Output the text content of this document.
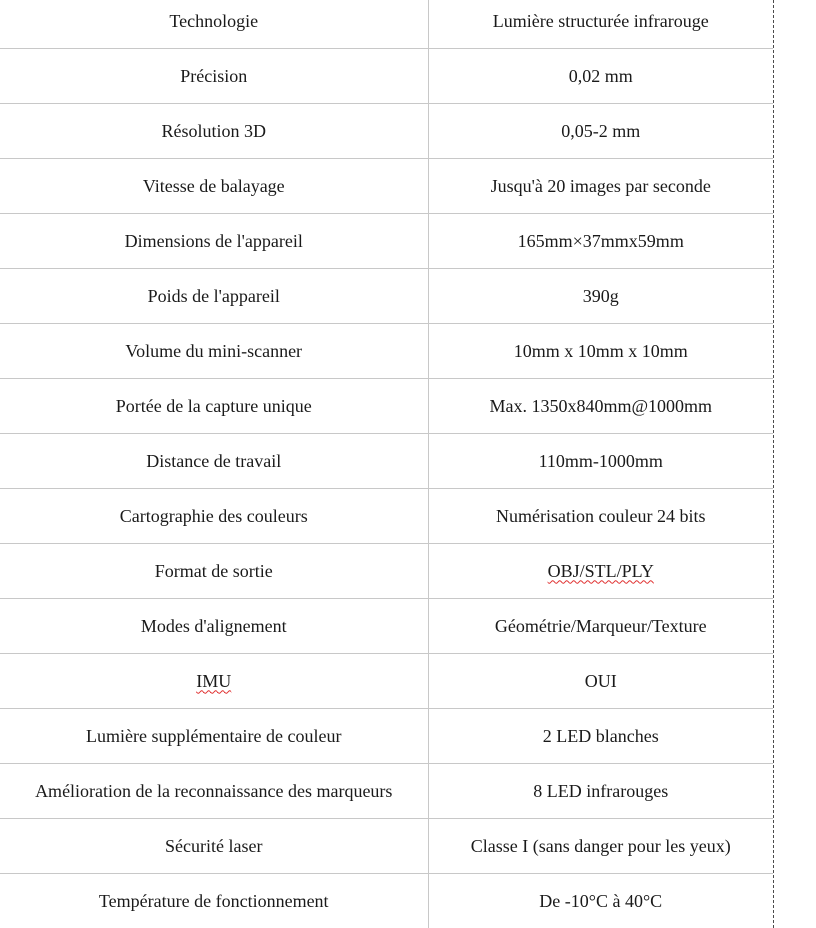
Technologie	Lumière structurée infrarouge
Précision	0,02 mm
Résolution 3D	0,05-2 mm
Vitesse de balayage	Jusqu'à 20 images par seconde
Dimensions de l'appareil	165mm×37mmx59mm
Poids de l'appareil	390g
Volume du mini-scanner	10mm x 10mm x 10mm
Portée de la capture unique	Max. 1350x840mm@1000mm
Distance de travail	110mm-1000mm
Cartographie des couleurs	Numérisation couleur 24 bits
Format de sortie	OBJ/STL/PLY
Modes d'alignement	Géométrie/Marqueur/Texture
IMU	OUI
Lumière supplémentaire de couleur	2 LED blanches
Amélioration de la reconnaissance des marqueurs	8 LED infrarouges
Sécurité laser	Classe I (sans danger pour les yeux)
Température de fonctionnement	De -10°C à 40°C
